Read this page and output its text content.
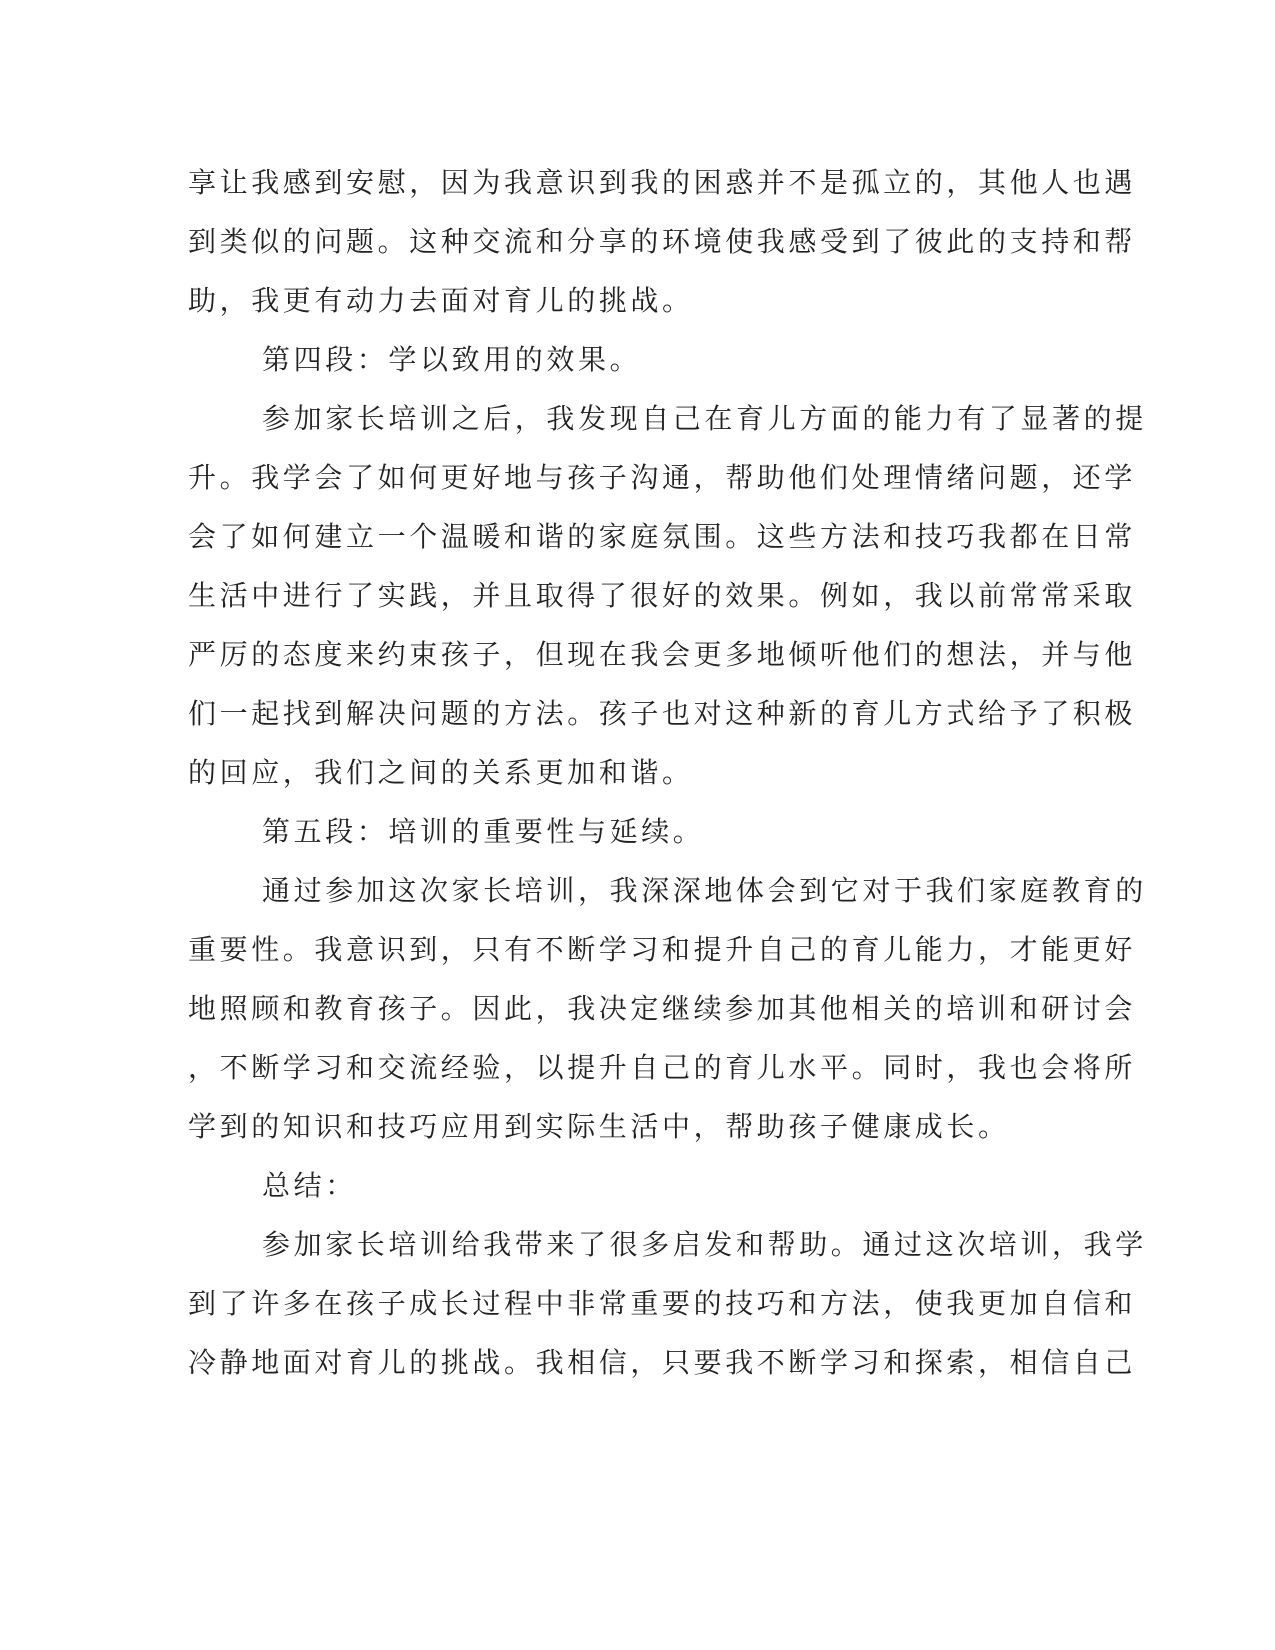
享让我感到安慰，因为我意识到我的困惑并不是孤立的，其他人也遇
到类似的问题。这种交流和分享的环境使我感受到了彼此的支持和帮
助，我更有动力去面对育儿的挑战。
第四段：学以致用的效果。
参加家长培训之后，我发现自己在育儿方面的能力有了显著的提
升。我学会了如何更好地与孩子沟通，帮助他们处理情绪问题，还学
会了如何建立一个温暖和谐的家庭氛围。这些方法和技巧我都在日常
生活中进行了实践，并且取得了很好的效果。例如，我以前常常采取
严厉的态度来约束孩子，但现在我会更多地倾听他们的想法，并与他
们一起找到解决问题的方法。孩子也对这种新的育儿方式给予了积极
的回应，我们之间的关系更加和谐。
第五段：培训的重要性与延续。
通过参加这次家长培训，我深深地体会到它对于我们家庭教育的
重要性。我意识到，只有不断学习和提升自己的育儿能力，才能更好
地照顾和教育孩子。因此，我决定继续参加其他相关的培训和研讨会
，不断学习和交流经验，以提升自己的育儿水平。同时，我也会将所
学到的知识和技巧应用到实际生活中，帮助孩子健康成长。
总结：
参加家长培训给我带来了很多启发和帮助。通过这次培训，我学
到了许多在孩子成长过程中非常重要的技巧和方法，使我更加自信和
冷静地面对育儿的挑战。我相信，只要我不断学习和探索，相信自己
